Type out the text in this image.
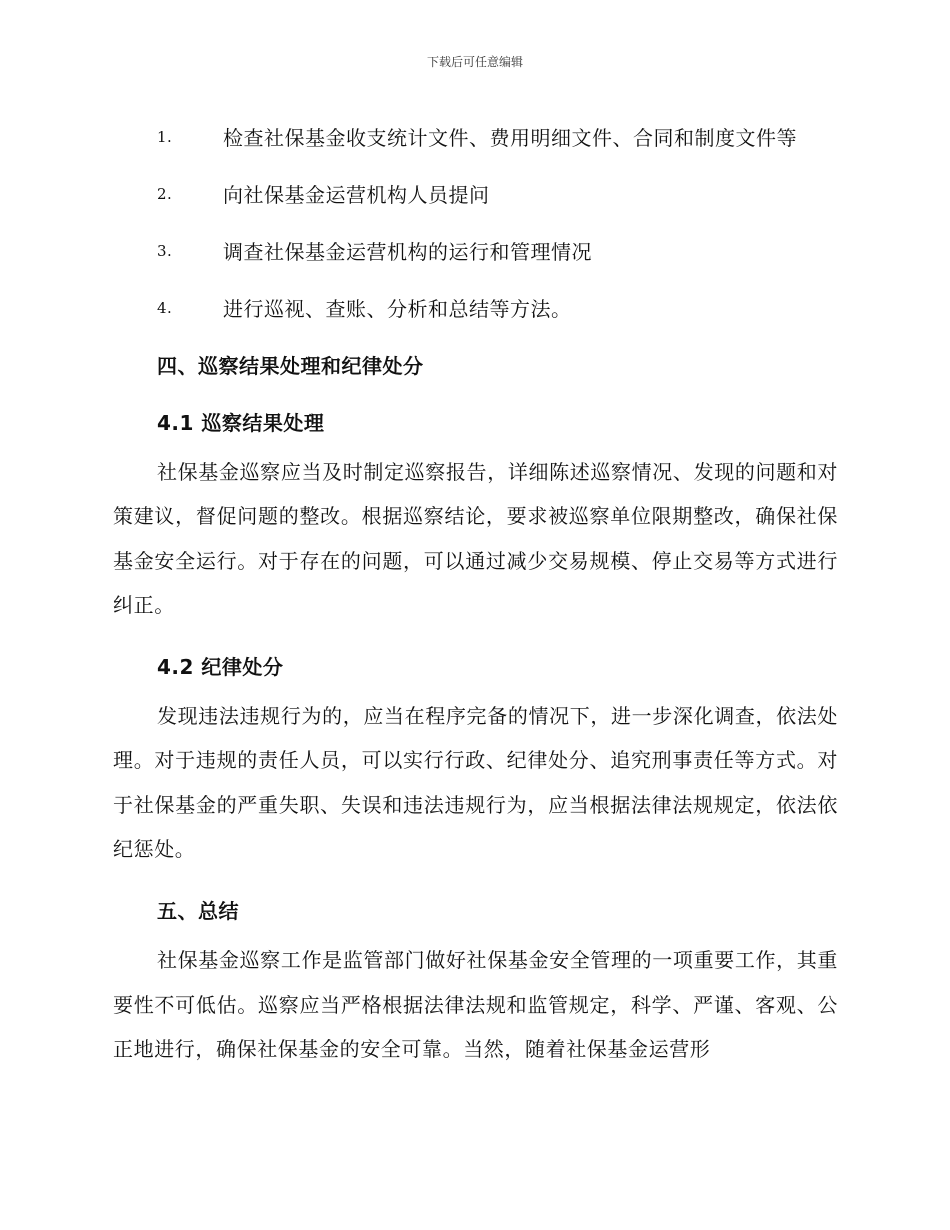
下载后可任意编辑
1.	检查社保基金收支统计文件、费用明细文件、合同和制度文件等
2.	向社保基金运营机构人员提问
3.	调查社保基金运营机构的运行和管理情况
4.	进行巡视、查账、分析和总结等方法。
四、巡察结果处理和纪律处分
4.1 巡察结果处理

社保基金巡察应当及时制定巡察报告，详细陈述巡察情况、发现的问题和对策建议，督促问题的整改。根据巡察结论，要求被巡察单位限期整改，确保社保基金安全运行。对于存在的问题，可以通过减少交易规模、停止交易等方式进行纠正。

4.2 纪律处分

发现违法违规行为的，应当在程序完备的情况下，进一步深化调查，依法处理。对于违规的责任人员，可以实行行政、纪律处分、追究刑事责任等方式。对于社保基金的严重失职、失误和违法违规行为，应当根据法律法规规定，依法依纪惩处。

五、总结

社保基金巡察工作是监管部门做好社保基金安全管理的一项重要工作，其重要性不可低估。巡察应当严格根据法律法规和监管规定，科学、严谨、客观、公正地进行，确保社保基金的安全可靠。当然，随着社保基金运营形
